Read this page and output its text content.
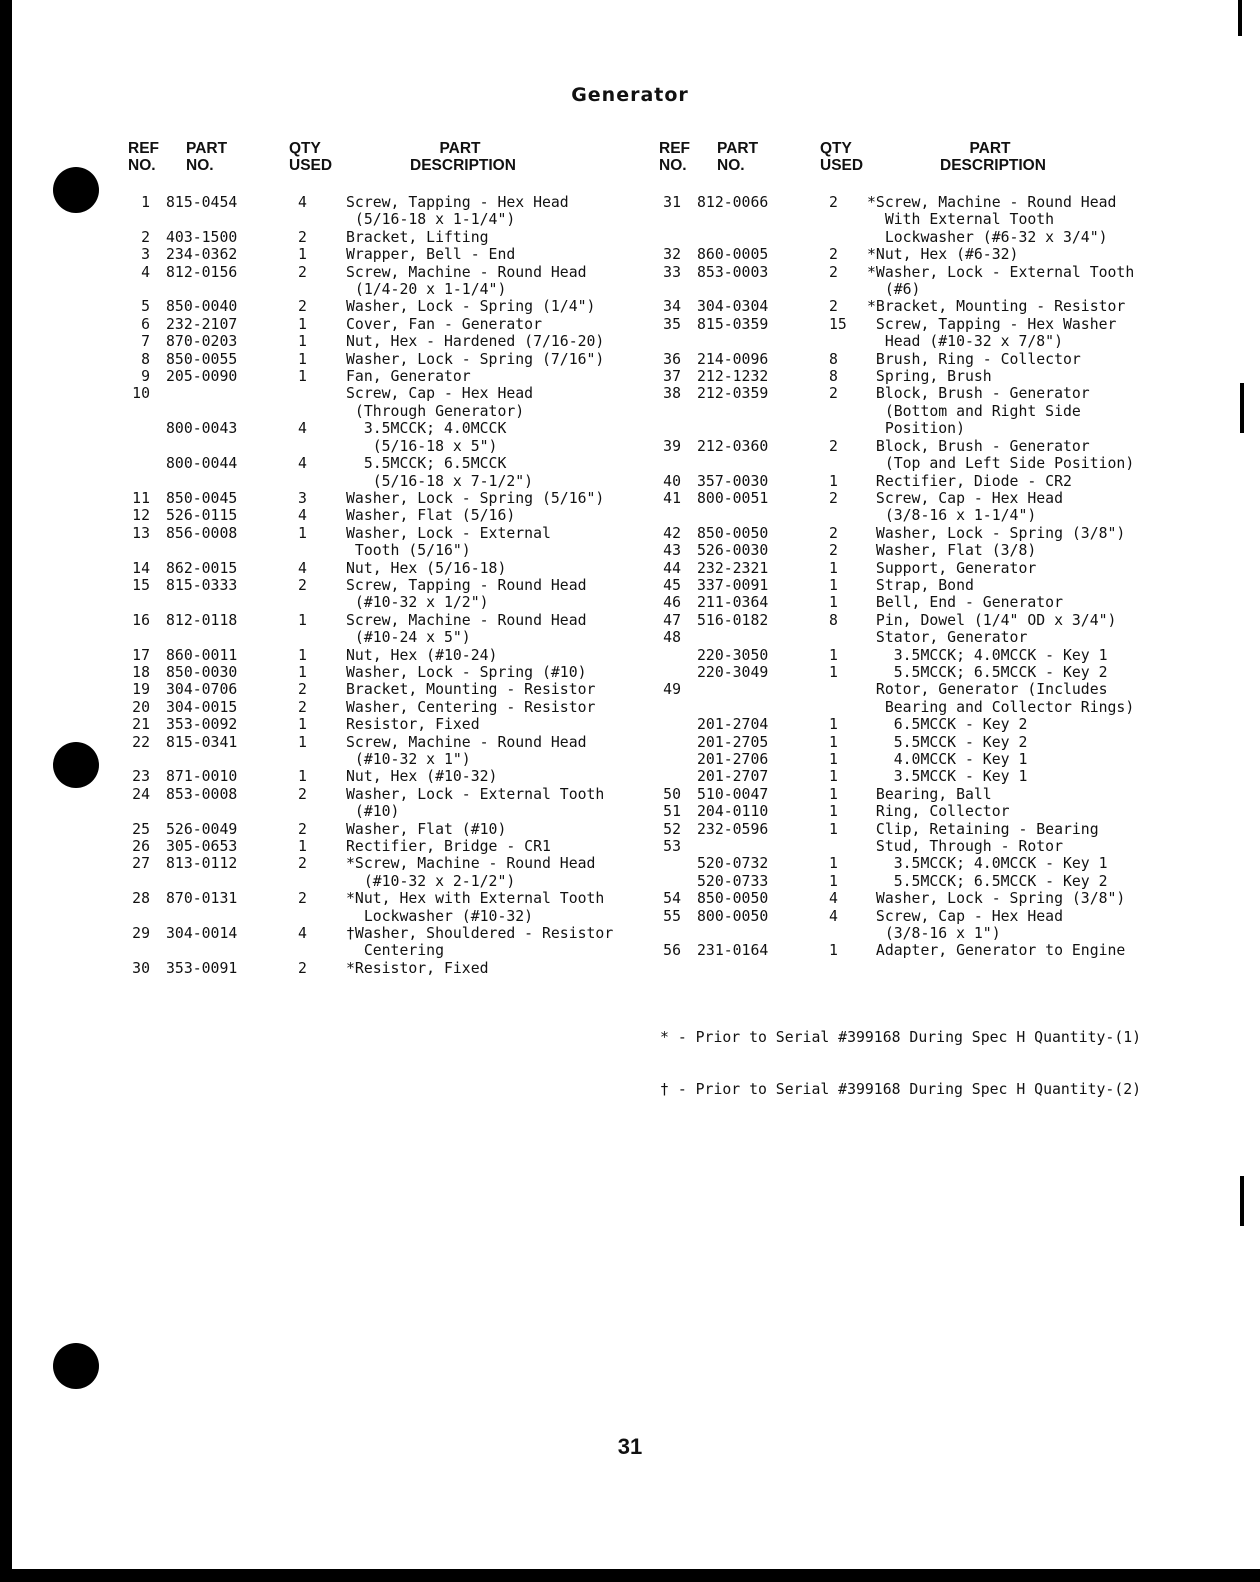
Generator
REF
NO.
PART
NO.
QTY
USED
PART
DESCRIPTION
1 815-0454	4	Screw, Tapping - Hex Head
(5/16-18 x 1-1/4")
2 403-1500	2	Bracket, Lifting
3 234-0362	1	Wrapper, Bell - End
4 812-0156	2	Screw, Machine - Round Head
(1/4-20 x 1-1/4")
5 850-0040	2	Washer, Lock - Spring (1/4")
6 232-2107	1	Cover, Fan - Generator
7 870-0203	1	Nut, Hex - Hardened (7/16-20)
8 850-0055	1	Washer, Lock - Spring (7/16")
9 205-0090	1	Fan, Generator
10	Screw, Cap - Hex Head
(Through Generator)
800-0043	4	3.5MCCK; 4.0MCCK
(5/16-18 x 5")
800-0044	4	5.5MCCK; 6.5MCCK
(5/16-18 x 7-1/2")
11 850-0045	3	Washer, Lock - Spring (5/16")
12 526-0115	4	Washer, Flat (5/16)
13 856-0008	1	Washer, Lock - External
Tooth (5/16")
14 862-0015	4	Nut, Hex (5/16-18)
15 815-0333	2	Screw, Tapping - Round Head
(#10-32 x 1/2")
16 812-0118	1	Screw, Machine - Round Head
(#10-24 x 5")
17 860-0011	1	Nut, Hex (#10-24)
18 850-0030	1	Washer, Lock - Spring (#10)
19 304-0706	2	Bracket, Mounting - Resistor
20 304-0015	2	Washer, Centering - Resistor
21 353-0092	1	Resistor, Fixed
22 815-0341	1	Screw, Machine - Round Head
(#10-32 x 1")
23 871-0010	1	Nut, Hex (#10-32)
24 853-0008	2	Washer, Lock - External Tooth
(#10)
25 526-0049	2	Washer, Flat (#10)
26 305-0653	1	Rectifier, Bridge - CR1
27 813-0112	2	*Screw, Machine - Round Head
(#10-32 x 2-1/2")
28 870-0131	2	*Nut, Hex with External Tooth
Lockwasher (#10-32)
29 304-0014	4	†Washer, Shouldered - Resistor
Centering
30 353-0091	2	*Resistor, Fixed
REF
NO.
PART
NO.
QTY
USED
PART
DESCRIPTION
31 812-0066	2 *Screw, Machine - Round Head
With External Tooth
Lockwasher (#6-32 x 3/4")
32 860-0005	2 *Nut, Hex (#6-32)
33 853-0003	2 *Washer, Lock - External Tooth
(#6)
34 304-0304	2 *Bracket, Mounting - Resistor
35 815-0359	15	Screw, Tapping - Hex Washer
Head (#10-32 x 7/8")
36 214-0096	8 Brush, Ring - Collector
37 212-1232	8 Spring, Brush
38 212-0359	2	Block, Brush - Generator
(Bottom and Right Side
Position)
39 212-0360	2	Block, Brush - Generator
(Top and Left Side Position)
40 357-0030	1 Rectifier, Diode - CR2
41 800-0051	2	Screw, Cap - Hex Head
(3/8-16 x 1-1/4")
42 850-0050	2 Washer, Lock - Spring (3/8")
43 526-0030	2 Washer, Flat (3/8)
44 232-2321	1 Support, Generator
45 337-0091	1 Strap, Bond
46 211-0364	1 Bell, End - Generator
47 516-0182	8 Pin, Dowel (1/4" OD x 3/4")
48	Stator, Generator
220-3050	1 3.5MCCK; 4.0MCCK - Key 1
220-3049	1 5.5MCCK; 6.5MCCK - Key 2
49	Rotor, Generator (Includes
Bearing and Collector Rings)
201-2704	1 6.5MCCK - Key 2
201-2705	1 5.5MCCK - Key 2
201-2706	1 4.0MCCK - Key 1
201-2707	1 3.5MCCK - Key 1
50 510-0047	1 Bearing, Ball
51 204-0110	1 Ring, Collector
52 232-0596	1 Clip, Retaining - Bearing
53	Stud, Through - Rotor
520-0732	1 3.5MCCK; 4.0MCCK - Key 1
520-0733	1 5.5MCCK; 6.5MCCK - Key 2
54 850-0050	4 Washer, Lock - Spring (3/8")
55 800-0050	4	Screw, Cap - Hex Head
(3/8-16 x 1")
56 231-0164	1 Adapter, Generator to Engine

* - Prior to Serial #399168 During Spec H Quantity-(1)

† - Prior to Serial #399168 During Spec H Quantity-(2)

31
